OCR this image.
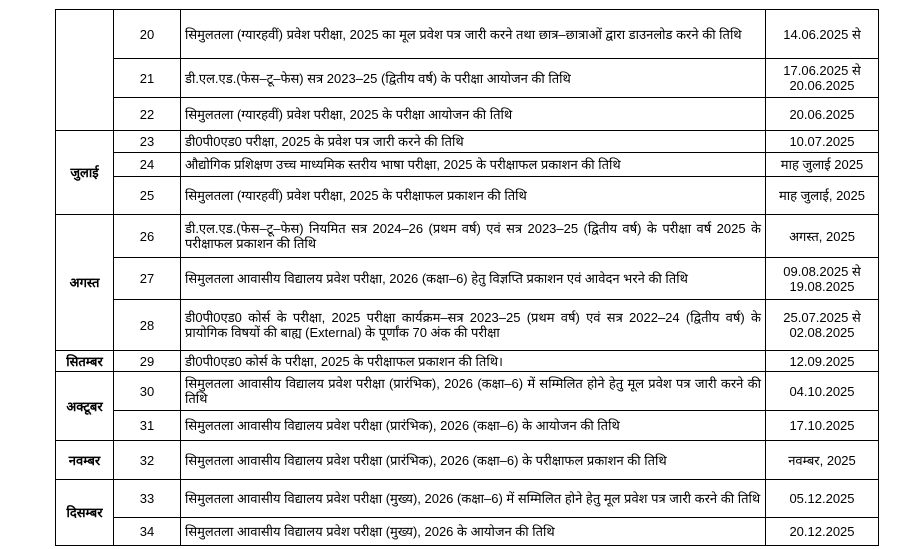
	20	सिमुलतला (ग्यारहवीं) प्रवेश परीक्षा, 2025 का मूल प्रवेश पत्र जारी करने तथा छात्र–छात्राओं द्वारा डाउनलोड करने की तिथि	14.06.2025 से
	21	डी.एल.एड.(फेस–टू–फेस) सत्र 2023–25 (द्वितीय वर्ष) के परीक्षा आयोजन की तिथि	17.06.2025 से 20.06.2025
	22	सिमुलतला (ग्यारहवीं) प्रवेश परीक्षा, 2025 के परीक्षा आयोजन की तिथि	20.06.2025
जुलाई	23	डी0पी0एड0 परीक्षा, 2025 के प्रवेश पत्र जारी करने की तिथि	10.07.2025
	24	औद्योगिक प्रशिक्षण उच्च माध्यमिक स्तरीय भाषा परीक्षा, 2025 के परीक्षाफल प्रकाशन की तिथि	माह जुलाई 2025
	25	सिमुलतला (ग्यारहवीं) प्रवेश परीक्षा, 2025 के परीक्षाफल प्रकाशन की तिथि	माह जुलाई, 2025
अगस्त	26	डी.एल.एड.(फेस–टू–फेस) नियमित सत्र 2024–26 (प्रथम वर्ष) एवं सत्र 2023–25 (द्वितीय वर्ष) के परीक्षा वर्ष 2025 के परीक्षाफल प्रकाशन की तिथि	अगस्त, 2025
	27	सिमुलतला आवासीय विद्यालय प्रवेश परीक्षा, 2026 (कक्षा–6) हेतु विज्ञप्ति प्रकाशन एवं आवेदन भरने की तिथि	09.08.2025 से 19.08.2025
	28	डी0पी0एड0 कोर्स के परीक्षा, 2025 परीक्षा कार्यक्रम–सत्र 2023–25 (प्रथम वर्ष) एवं सत्र 2022–24 (द्वितीय वर्ष) के प्रायोगिक विषयों की बाह्य (External) के पूर्णांक 70 अंक की परीक्षा	25.07.2025 से 02.08.2025
सितम्बर	29	डी0पी0एड0 कोर्स के परीक्षा, 2025 के परीक्षाफल प्रकाशन की तिथि।	12.09.2025
अक्टूबर	30	सिमुलतला आवासीय विद्यालय प्रवेश परीक्षा (प्रारंभिक), 2026 (कक्षा–6) में सम्मिलित होने हेतु मूल प्रवेश पत्र जारी करने की तिथि	04.10.2025
	31	सिमुलतला आवासीय विद्यालय प्रवेश परीक्षा (प्रारंभिक), 2026 (कक्षा–6) के आयोजन की तिथि	17.10.2025
नवम्बर	32	सिमुलतला आवासीय विद्यालय प्रवेश परीक्षा (प्रारंभिक), 2026 (कक्षा–6) के परीक्षाफल प्रकाशन की तिथि	नवम्बर, 2025
दिसम्बर	33	सिमुलतला आवासीय विद्यालय प्रवेश परीक्षा (मुख्य), 2026 (कक्षा–6) में सम्मिलित होने हेतु मूल प्रवेश पत्र जारी करने की तिथि	05.12.2025
	34	सिमुलतला आवासीय विद्यालय प्रवेश परीक्षा (मुख्य), 2026 के आयोजन की तिथि	20.12.2025
